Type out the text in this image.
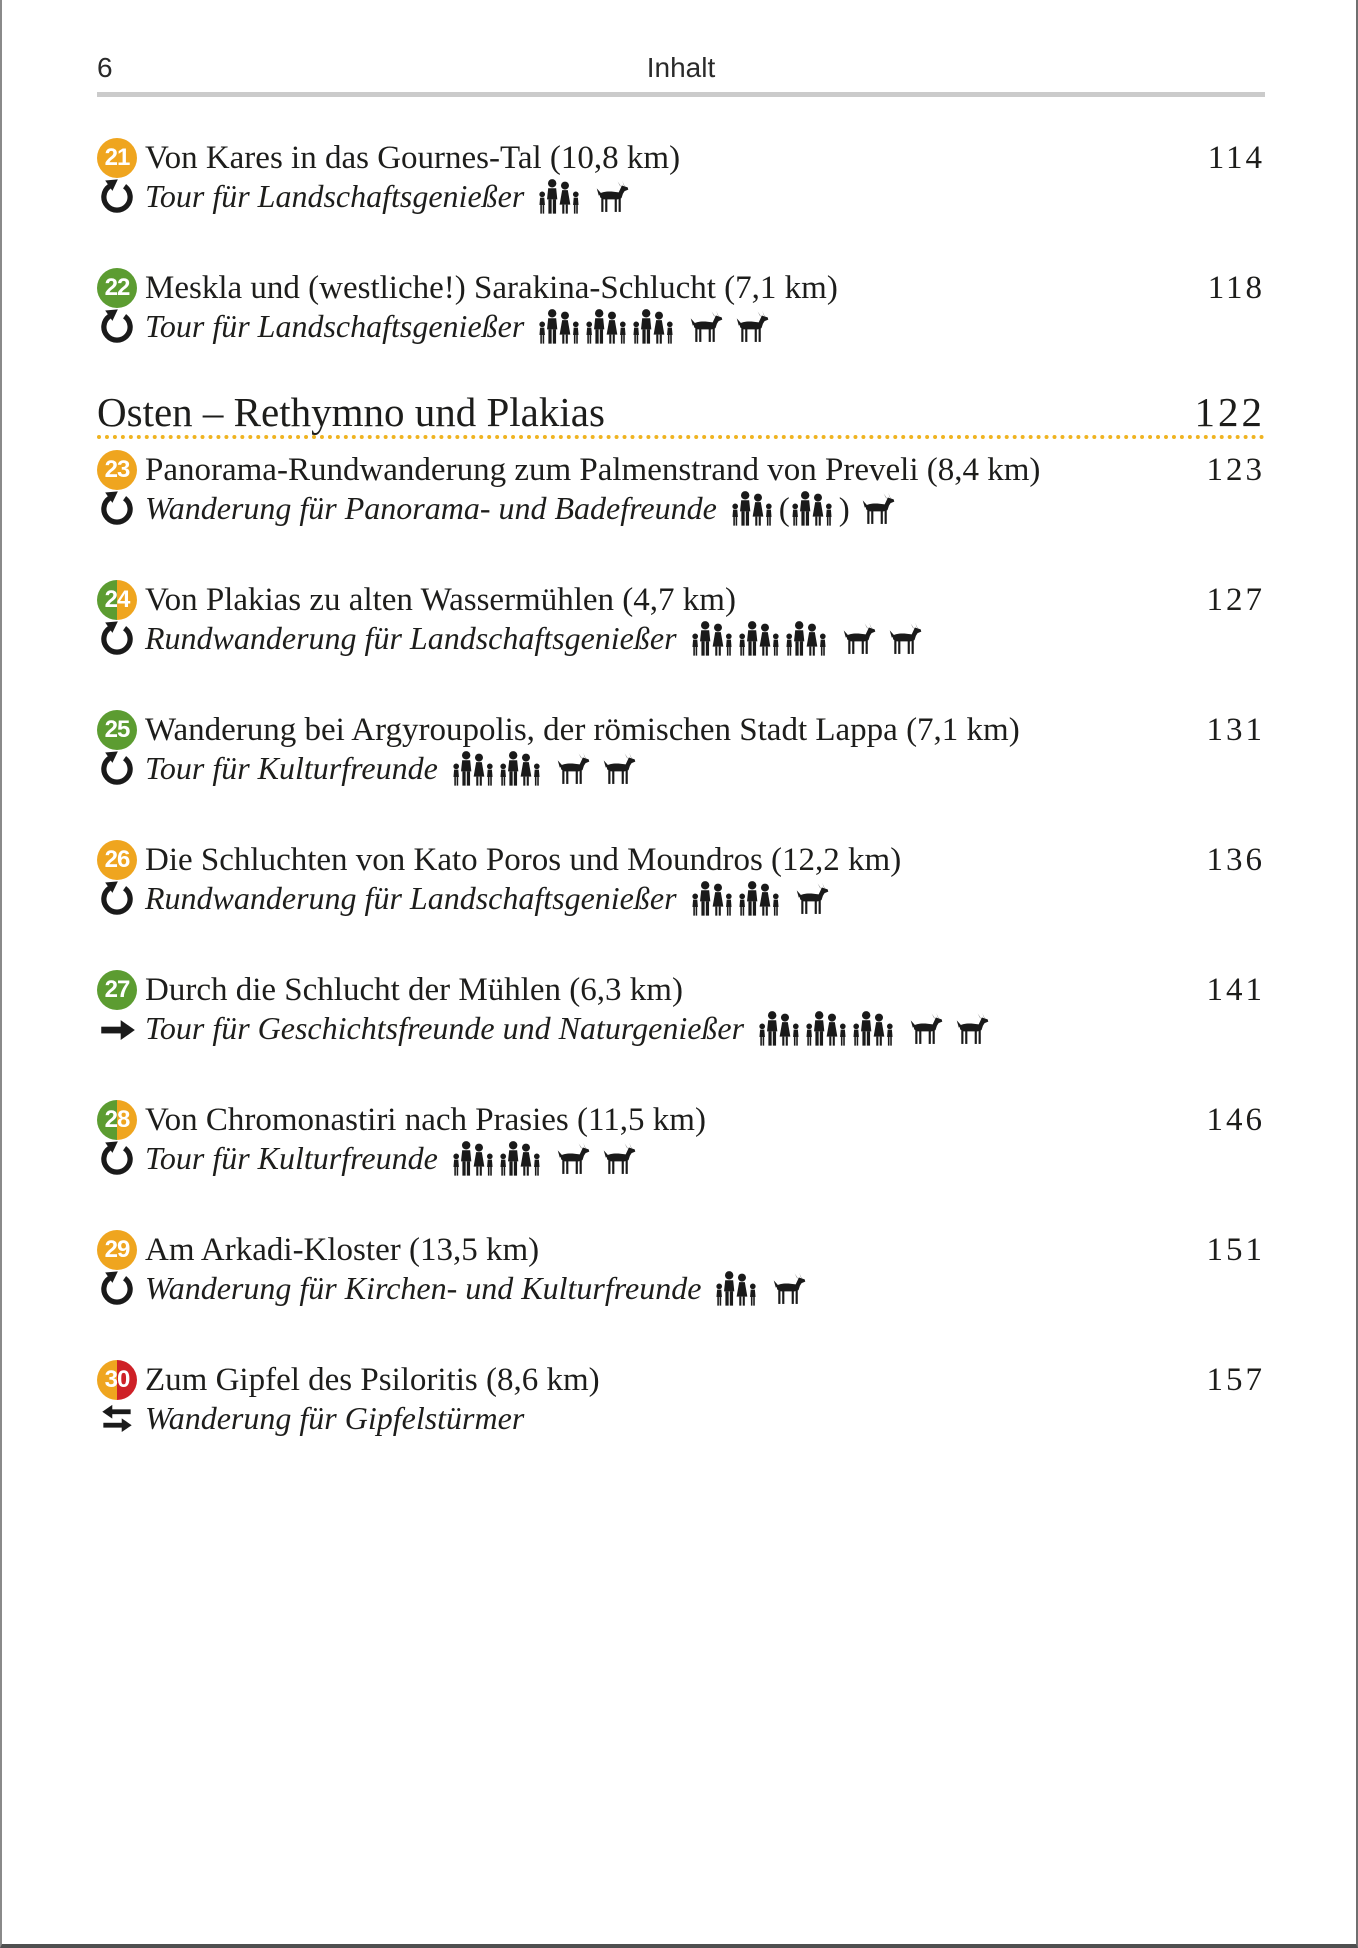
6	Inhalt
21 Von Kares in das Gournes-Tal (10,8 km)	114
Tour für Landschaftsgenießer
22 Meskla und (westliche!) Sarakina-Schlucht (7,1 km)	118
Tour für Landschaftsgenießer
Osten – Rethymno und Plakias	122
23 Panorama-Rundwanderung zum Palmenstrand von Preveli (8,4 km)	123
Wanderung für Panorama- und Badefreunde ( )
24 Von Plakias zu alten Wassermühlen (4,7 km)	127
Rundwanderung für Landschaftsgenießer
25 Wanderung bei Argyroupolis, der römischen Stadt Lappa (7,1 km)	131
Tour für Kulturfreunde
26 Die Schluchten von Kato Poros und Moundros (12,2 km)	136
Rundwanderung für Landschaftsgenießer
27 Durch die Schlucht der Mühlen (6,3 km)	141
Tour für Geschichtsfreunde und Naturgenießer
28 Von Chromonastiri nach Prasies (11,5 km)	146
Tour für Kulturfreunde
29 Am Arkadi-Kloster (13,5 km)	151
Wanderung für Kirchen- und Kulturfreunde
30 Zum Gipfel des Psiloritis (8,6 km)	157
Wanderung für Gipfelstürmer
